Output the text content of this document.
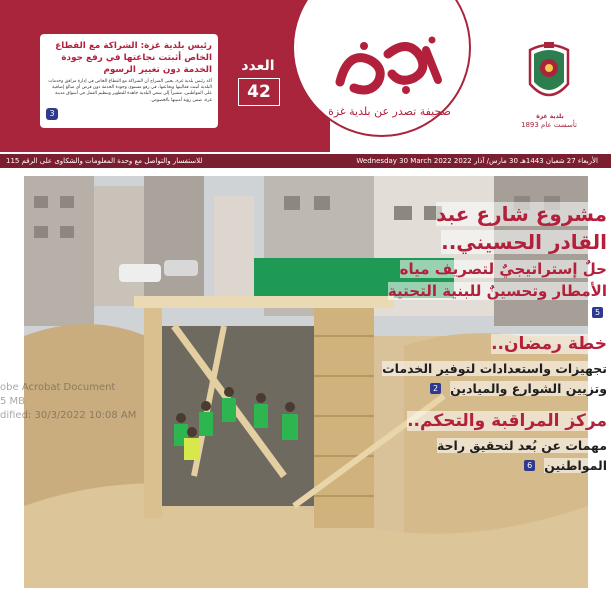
صحيفة تصدر عن بلدية غزة
العدد
42
رئيس بلدية غزة: الشراكة مع القطاع الخاص أثبتت نجاعتها في رفع جودة الخدمة دون تغيير الرسوم
أكد رئيس بلدية غزة، يحيى السراج أن الشراكة مع القطاع الخاص في إدارة مرافق وخدمات البلدية أثبتت فعاليتها ونجاعتها، في رفع مستوى وجودة الخدمة دون فرض أي مبالغ إضافية على المواطنين، مشيراً إلى سعي البلدية جاهدة للتطوير وتنظيم العمل في أسواق مدينة غزة، ضمن رؤية أمنيتها بالخصوص.
3	بلدية غزة
تأسست عام 1893
الأربعاء 27 شعبان 1443هـ 30 مارس/ آذار 2022 Wednesday 30 March 2022
للاستفسار والتواصل مع وحدة المعلومات والشكاوى على الرقم 115
مشروع شارع عبد القادر الحسيني..
حلٌ إستراتيجيٌ لتصريف مياه الأمطار وتحسينٌ للبنية التحتية 5
خطة رمضان..
تجهيزات واستعدادات لتوفير الخدمات وتزيين الشوارع والميادين 2
مركز المراقبة والتحكم..
مهمات عن بُعد لتحقيق راحة المواطنين 6
obe Acrobat Document
5 MB
dified: 30/3/2022 10:08 AM
